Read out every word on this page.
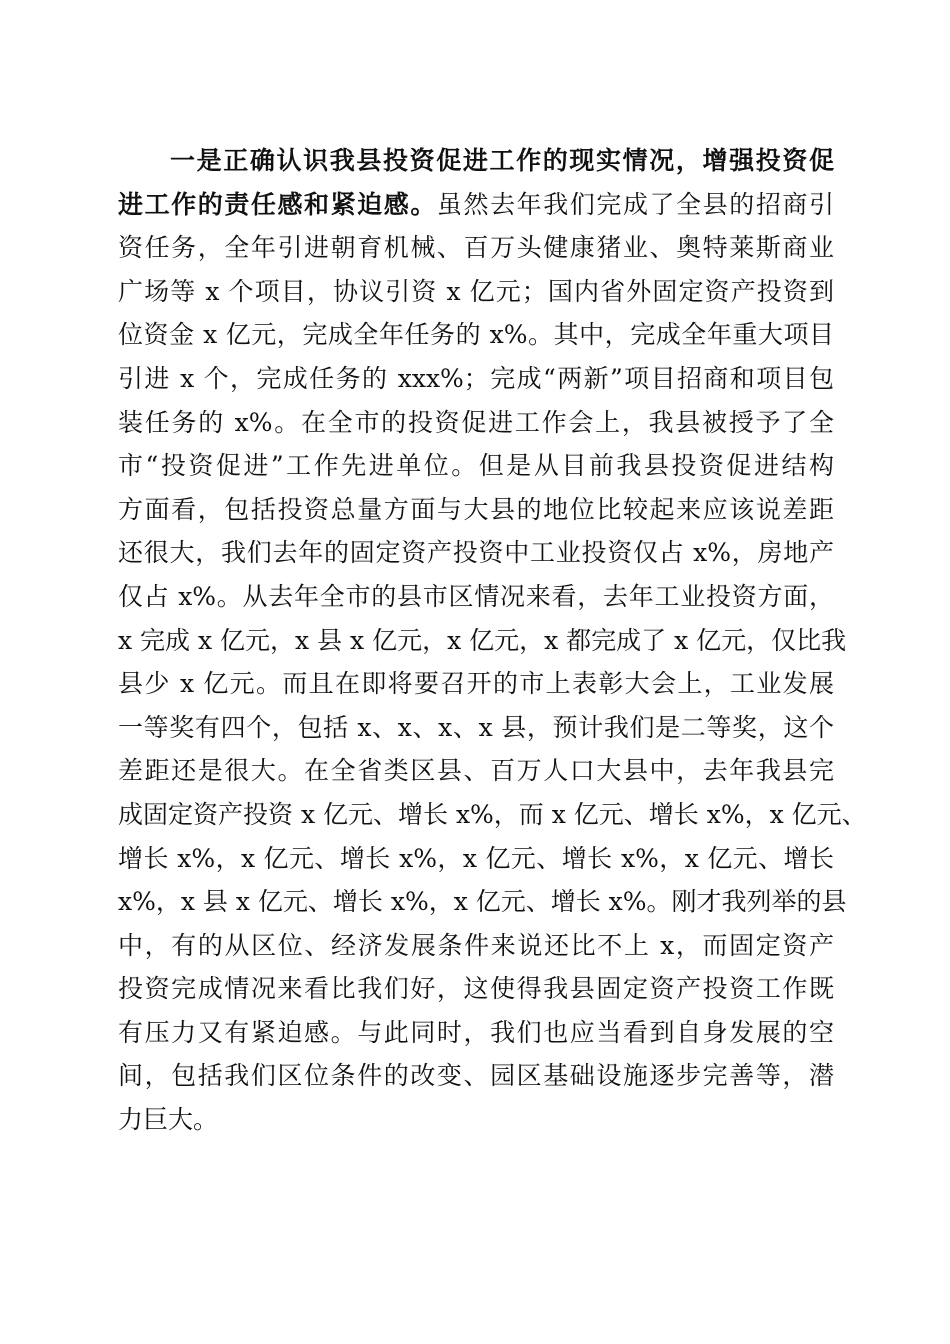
一是正确认识我县投资促进工作的现实情况，增强投资促
进工作的责任感和紧迫感。虽然去年我们完成了全县的招商引
资任务，全年引进朝育机械、百万头健康猪业、奥特莱斯商业
广场等 x 个项目，协议引资 x 亿元；国内省外固定资产投资到
位资金 x 亿元，完成全年任务的 x%。其中，完成全年重大项目
引进 x 个，完成任务的 xxx%；完成“两新”项目招商和项目包
装任务的 x%。在全市的投资促进工作会上，我县被授予了全
市“投资促进”工作先进单位。但是从目前我县投资促进结构
方面看，包括投资总量方面与大县的地位比较起来应该说差距
还很大，我们去年的固定资产投资中工业投资仅占 x%，房地产
仅占 x%。从去年全市的县市区情况来看，去年工业投资方面，
x 完成 x 亿元，x 县 x 亿元，x 亿元，x 都完成了 x 亿元，仅比我
县少 x 亿元。而且在即将要召开的市上表彰大会上，工业发展
一等奖有四个，包括 x、x、x、x 县，预计我们是二等奖，这个
差距还是很大。在全省类区县、百万人口大县中，去年我县完
成固定资产投资 x 亿元、增长 x%，而 x 亿元、增长 x%，x 亿元、
增长 x%，x 亿元、增长 x%，x 亿元、增长 x%，x 亿元、增长
x%，x 县 x 亿元、增长 x%，x 亿元、增长 x%。刚才我列举的县
中，有的从区位、经济发展条件来说还比不上 x，而固定资产
投资完成情况来看比我们好，这使得我县固定资产投资工作既
有压力又有紧迫感。与此同时，我们也应当看到自身发展的空
间，包括我们区位条件的改变、园区基础设施逐步完善等，潜
力巨大。
